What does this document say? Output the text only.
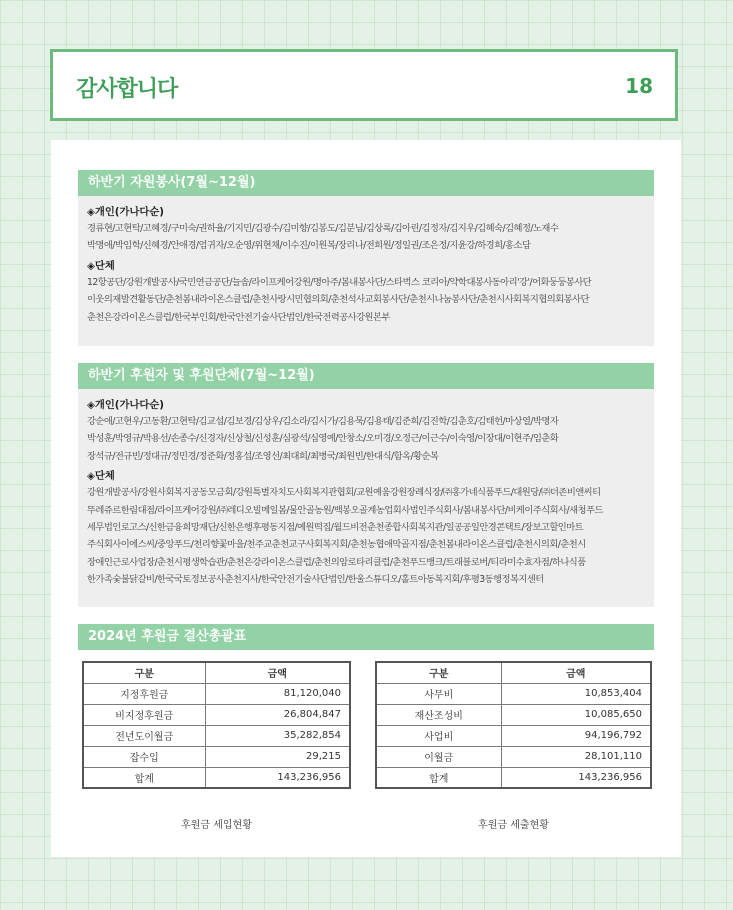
감사합니다	18
하반기 자원봉사(7월~12월)
◈개인(가나다순)
경류현/고현탁/고혜경/구미숙/권하율/기지민/김광수/김미향/김봉도/김분님/김상록/김아린/김정자/김지우/김혜숙/김혜정/노재수
박명애/박임학/신혜경/안애경/엄귀자/오순영/위현채/이수진/이원복/장리나/전희원/정일권/조은정/지윤강/하경희/홍소담
◈단체
12항공단/강원개발공사/국민연금공단/늘솜/라이프케어강원/명아주/봄내봉사단/스타벅스 코리아/약학대봉사동아리'강'/어화둥둥봉사단
이웃의재발견활동단/춘천봄내라이온스클럽/춘천사랑시민협의회/춘천석사교회봉사단/춘천시나눔봉사단/춘천시사회복지협의회봉사단
춘천은강라이온스클럽/한국부인회/한국안전기술사단법인/한국전력공사강원본부
하반기 후원자 및 후원단체(7월~12월)
◈개인(가나다순)
강순애/고현우/고동환/고현탁/김교섭/김보경/김상우/김소라/김시가/김용묵/김용태/김준희/김진학/김춘호/김태헌/마상열/박명자
박성훈/박영규/박용선/손종수/신경자/신상철/신성훈/심광석/심영예/안창소/오미경/오정근/이근수/이숙영/이장대/이현주/임춘화
장석규/전규빈/정대규/정민경/정준화/정홍섭/조영선/최대희/최병국/최원빈/한대식/함옥/황순복
◈단체
강원개발공사/강원사회복지공동모금회/강원특별자치도사회복지관협회/교원예움강원장례식장/㈜홍가네식품푸드/대원당/㈜더존비앤씨티
뚜레쥬르한림대점/라이프케어강원/㈜레디오빌메일봄/물안골농원/백봉오골계농업회사법인주식회사/봄내봉사단/비케이주식회사/새청푸드
세무법인로고스/신한금융희망재단/신한은행후평동지점/예원떡집/월드비전춘천종합사회복지관/일공공일안경콘택트/장보고할인마트
주식회사이에스씨/중앙푸드/천리향꽃마을/천주교춘천교구사회복지회/춘천농협애막골지점/춘천봄내라이온스클럽/춘천시의회/춘천시
장애인근로사업장/춘천시평생학습관/춘천은강라이온스클럽/춘천의암로타리클럽/춘천푸드뱅크/트래블로버/티라미수효자점/하나식품
한가족숯불닭갈비/한국국토정보공사춘천지사/한국안전기술사단법인/한울스튜디오/홀트아동복지회/후평3동행정복지센터
2024년 후원금 결산총괄표
구분	금액
지정후원금	81,120,040
비지정후원금	26,804,847
전년도이월금	35,282,854
잡수입	29,215
합계	143,236,956
후원금 세입현황
구분	금액
사무비	10,853,404
재산조성비	10,085,650
사업비	94,196,792
이월금	28,101,110
합계	143,236,956
후원금 세출현황
